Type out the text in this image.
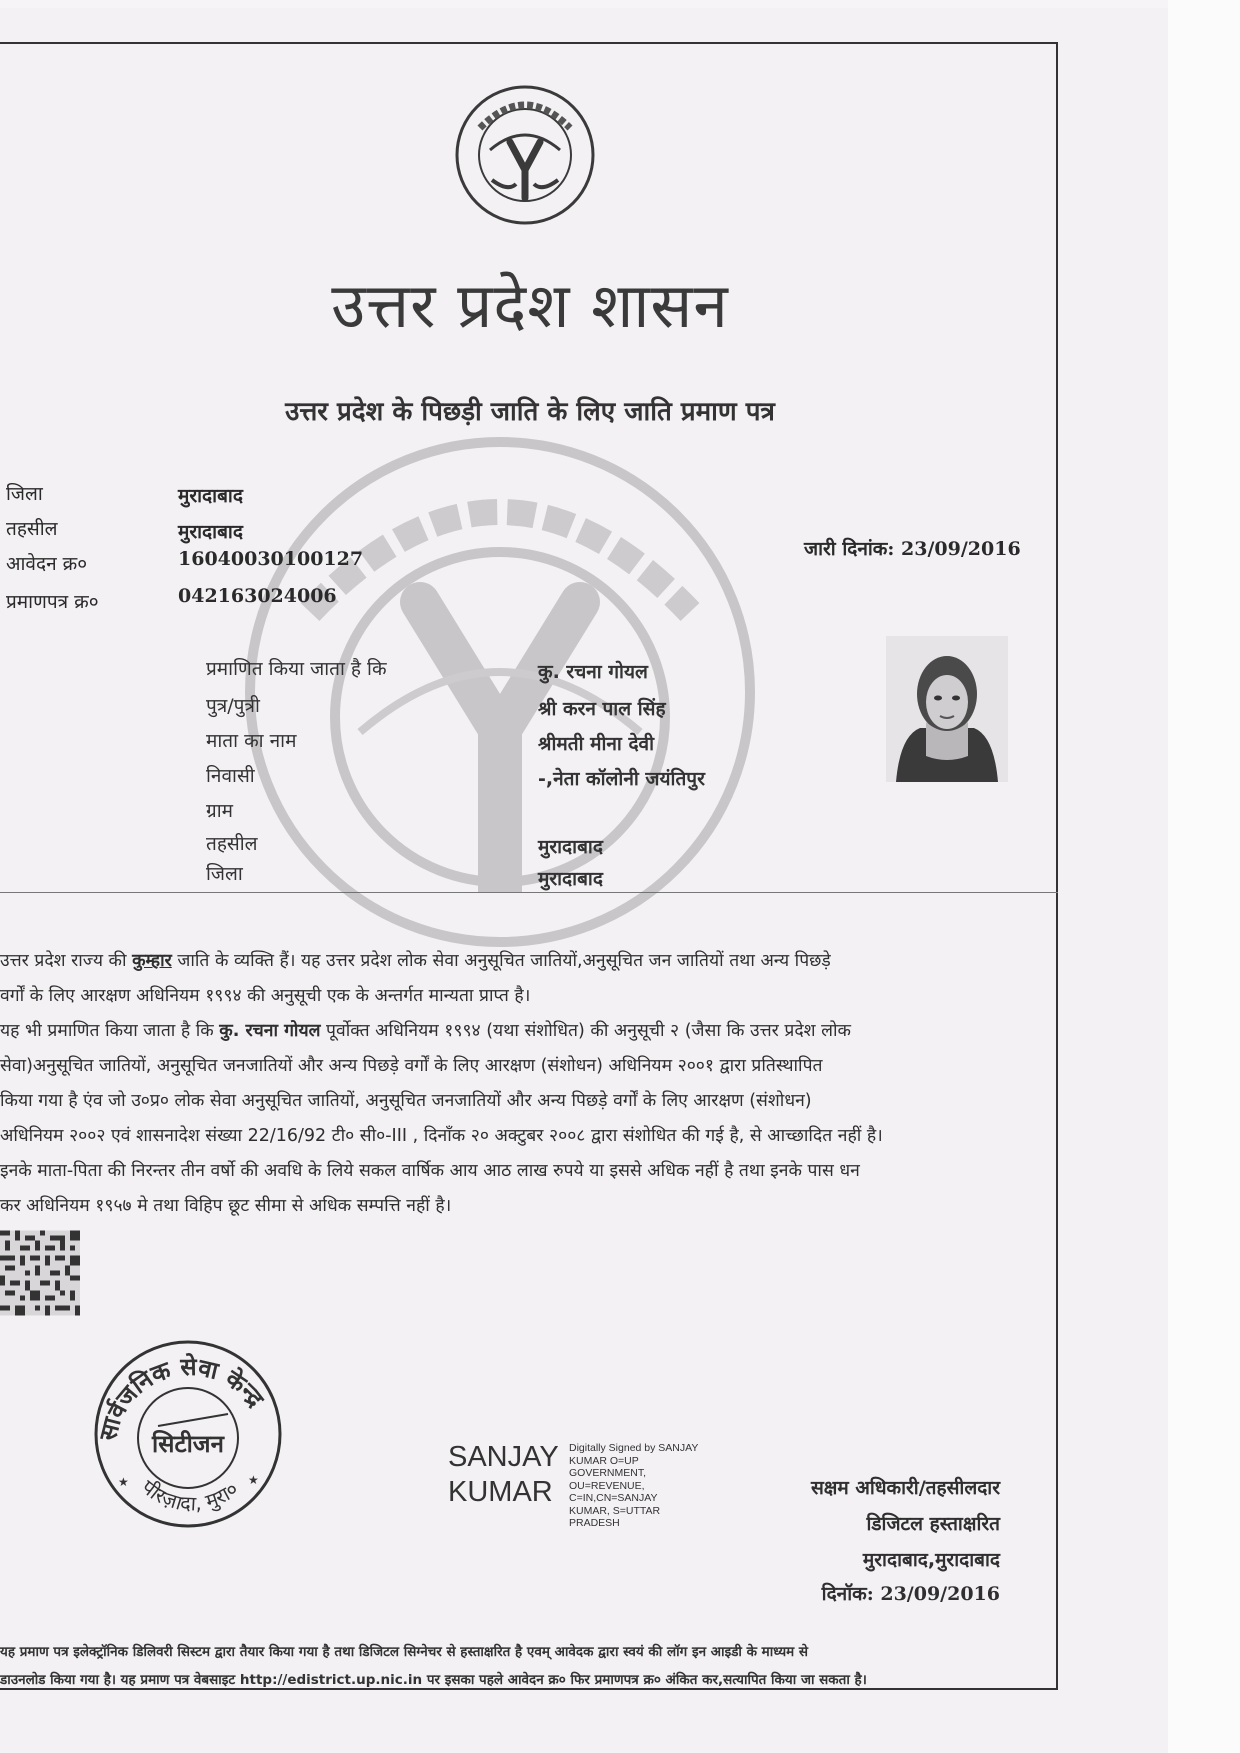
उत्तर प्रदेश शासन
उत्तर प्रदेश के पिछड़ी जाति के लिए जाति प्रमाण पत्र
जिला	मुरादाबाद
तहसील	मुरादाबाद
आवेदन क्र०	16040030100127
प्रमाणपत्र क्र०	042163024006
जारी दिनांक: 23/09/2016
प्रमाणित किया जाता है कि	कु. रचना गोयल
पुत्र/पुत्री	श्री करन पाल सिंह
माता का नाम	श्रीमती मीना देवी
निवासी	-,नेता कॉलोनी जयंतिपुर
ग्राम
तहसील	मुरादाबाद
जिला	मुरादाबाद

उत्तर प्रदेश राज्य की कुम्हार जाति के व्यक्ति हैं। यह उत्तर प्रदेश लोक सेवा अनुसूचित जातियों,अनुसूचित जन जातियों तथा अन्य पिछड़े

वर्गों के लिए आरक्षण अधिनियम १९९४ की अनुसूची एक के अन्तर्गत मान्यता प्राप्त है।

यह भी प्रमाणित किया जाता है कि कु. रचना गोयल पूर्वोक्त अधिनियम १९९४ (यथा संशोधित) की अनुसूची २ (जैसा कि उत्तर प्रदेश लोक

सेवा)अनुसूचित जातियों, अनुसूचित जनजातियों और अन्य पिछड़े वर्गों के लिए आरक्षण (संशोधन) अधिनियम २००१ द्वारा प्रतिस्थापित

किया गया है एंव जो उ०प्र० लोक सेवा अनुसूचित जातियों, अनुसूचित जनजातियों और अन्य पिछड़े वर्गों के लिए आरक्षण (संशोधन)

अधिनियम २००२ एवं शासनादेश संख्या 22/16/92 टी० सी०-III , दिनाँक २० अक्टुबर २००८ द्वारा संशोधित की गई है, से आच्छादित नहीं है।

इनके माता-पिता की निरन्तर तीन वर्षो की अवधि के लिये सकल वार्षिक आय आठ लाख रुपये या इससे अधिक नहीं है तथा इनके पास धन

कर अधिनियम १९५७ मे तथा विहिप छूट सीमा से अधिक सम्पत्ति नहीं है।

सार्वजनिक सेवा केन्द्र
सिटीजन
पीरज़ादा, मुरा०
★	★
SANJAY
KUMAR
Digitally Signed by SANJAY
KUMAR O=UP
GOVERNMENT,
OU=REVENUE,
C=IN,CN=SANJAY
KUMAR, S=UTTAR
PRADESH
सक्षम अधिकारी/तहसीलदार
डिजिटल हस्ताक्षरित
मुरादाबाद,मुरादाबाद
दिनॉक: 23/09/2016

यह प्रमाण पत्र इलेक्ट्रॉनिक डिलिवरी सिस्टम द्वारा तैयार किया गया है तथा डिजिटल सिग्नेचर से हस्ताक्षरित है एवम् आवेदक द्वारा स्वयं की लॉग इन आइडी के माध्यम से

डाउनलोड किया गया है। यह प्रमाण पत्र वेबसाइट http://edistrict.up.nic.in पर इसका पहले आवेदन क्र० फिर प्रमाणपत्र क्र० अंकित कर,सत्यापित किया जा सकता है।
